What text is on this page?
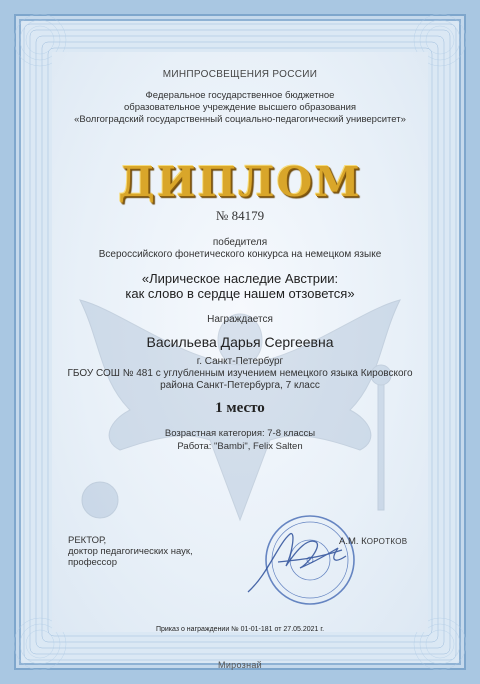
МИНПРОСВЕЩЕНИЯ РОССИИ
Федеральное государственное бюджетное
образовательное учреждение высшего образования
«Волгоградский государственный социально-педагогический университет»
ДИПЛОМ
№ 84179
победителя
Всероссийского фонетического конкурса на немецком языке
«Лирическое наследие Австрии:
как слово в сердце нашем отзовется»
Награждается
Васильева Дарья Сергеевна
г. Санкт-Петербург
ГБОУ СОШ № 481 с углубленным изучением немецкого языка Кировского
района Санкт-Петербурга, 7 класс
1 место
Возрастная категория: 7-8 классы
Работа: "Bambi", Felix Salten
РЕКТОР,
доктор педагогических наук,
профессор
А.М. КОРОТКОВ
Приказ о награждении № 01-01-181 от 27.05.2021 г.
Мирознай
